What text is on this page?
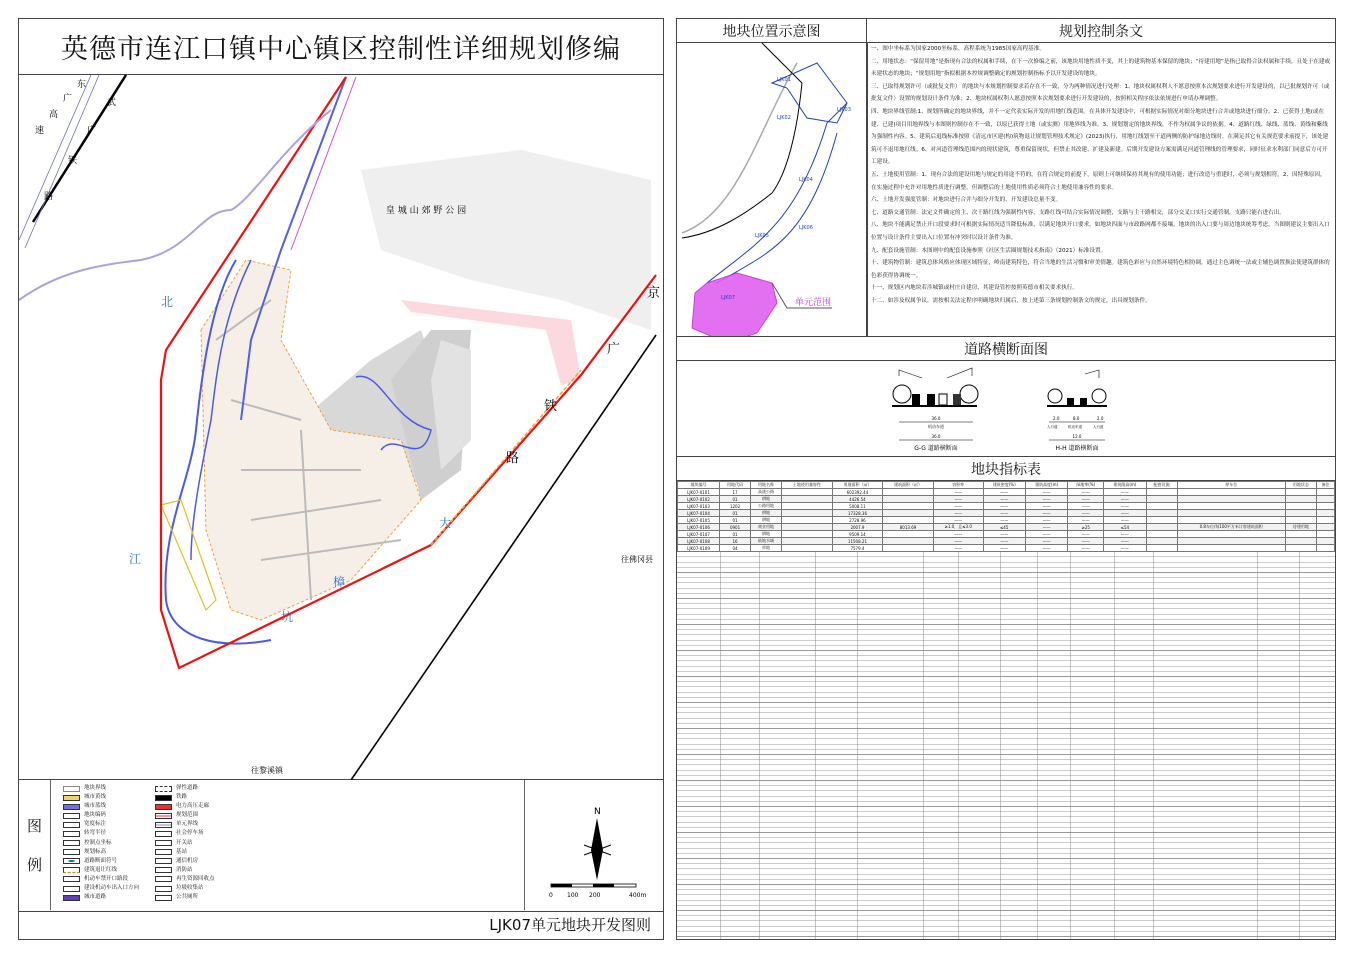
英德市连江口镇中心镇区控制性详细规划修编
皇 城 山 郊 野 公 园
北
江
樟
坑
大
京
广
铁
路
往佛冈县
往黎溪镇
东
广
高
速
武
广
铁
路
图
例
地块界线
城市黄线
城市蓝线
地块编码
宽度标注
转弯半径
控制点坐标
规划标高
道路断面符号
建筑退让红线
机动车禁开口路段
建设机动车出入口方向
城市道路
弹性道路
铁路
电力高压走廊
规划范围
单元界线
社会停车场
开关站
基站
通信机房
消防站
再生资源回收点
垃圾收集站
公共厕所
N
0 100 200	400m
LJK07单元地块开发图则
地块位置示意图	规划控制条文
LJK01
LJK02
LJK03
LJK04
LJK05
LJK06
LJK07	单元范围
一、图中坐标系为国家2000坐标系，高程系统为1985国家高程基准。
二、用地状态：“保留用地”是指现有合法的权属和手续，在下一次修编之前，该地块用地性质不变，其上的建筑物基本保留的地块；“待建用地”是指已取得合法权属和手续，且处于在建或未建状态的地块；“规划用地”指拟根据本控规调整确定的规划控制指标予以开发建设的地块。
三、已取得规划许可（或批复文件） 的地块与本规划控制要求若存在不一致，分为两种情况进行处理：1、地块权属权利人不愿意按照本次规划要求进行开发建设的，以已批规划许可（或批复文件）设置的规划设计条件为准；2、地块权属权利人愿意按照本次规划要求进行开发建设的，按照相关程序依法依规进行申请办理调整。
四、地块界线管制:1、规划所确定的地块界线，并不一定代表实际开发的用地红线范围。在具体开发建设中，可根据实际情况对细分地块进行合并或地块进行细分。2、已获得土地(或在建、已建)项目用地界线与本图则控制存在不一致，以原已获得土地（或实测）用地界线为准。3、规划划定的地块界线，不作为权属争议的依据。4、道路红线、绿线、蓝线、黄线和紫线为强制性内容。5、建筑后退线标准按照《清远市区建(构)筑物退让规划管理技术规定》(2023)执行，用地红线划至干道两侧的防护绿地边线时，在满足其它有关规范要求前提下，该处建筑可不退用地红线。6、对河道管理线范围内的现状建筑，尊重保留现状，但禁止其改建、扩建及新建。后期开发建设方案需满足河道管理线的管理要求，同时征求水利部门同意后方可开工建设。
五、土地使用管制：1、现有合法的建设用地与规定的用途不符的，在符合规定的前提下，原则上可继续保持其现有的使用功能；进行改造与重建时，必须与规划相符。2、因特殊原因，在实施过程中允许对用地性质进行调整，但调整后的土地使用性质必须符合土地使用兼容性的要求。
六、土地开发强度管制：对地块进行合并与细分开发的，开发建设总量不变。
七、道路交通管制：法定文件确定的主、次干路红线为强制性内容，支路红线可结合实际情况调整，支路与主干路相交，部分交叉口实行交通管制，支路只能右进右出。
八、地块不能满足禁止开口段要求时可根据实际情况适当降低标准，以满足地块开口要求，如地块四面与市政路网都不接壤，地块的出入口要与周边地块统筹考虑。当图则建议主要出入口位置与设计条件主要出入口位置有冲突时以设计条件为准。
九、配套设施管制：本图则中的配套设施参照《社区生活圈规划技术指南》（2021）标准设置。
十、建筑物管制：建筑总体风格应体现区域特征，岭南建筑特色，符合当地的生活习惯和审美情趣。建筑色彩应与自然环境特色相协调，通过主色调统一法或主辅色调置换法使建筑群体的色彩获得协调统一。
十一、规划区内地块若涉城镇或村庄自建房，其建设管控按照英德市相关要求执行。
十二、如涉及权属争议，需按相关法定程序明确地块归属后，按上述第三条规划控制条文的规定，出具规划条件。
道路横断面图
36.0
机动车道
36.0
G-G 道路横断面
2.0	8.0	2.0
人行道	机动车道	人行道
12.0
H-H 道路横断面
地块指标表
地块编号	用地代码	用地名称	土地使用兼容性	用地面积（㎡）	建筑面积（㎡）	容积率	建筑密度(%)	建筑高度(m)	绿地率(%)	建筑限高(m)	配套设施	停车位	用地状态	备注
LJK07-0101	17	高速公路		602392.44		——	——	——	——	——				
LJK07-0102	01	耕地		4426.54		——	——	——	——	——				
LJK07-0103	1202	公路用地		5008.11		——	——	——	——	——				
LJK07-0104	01	耕地		17328.36		——	——	——	——	——				
LJK07-0105	01	耕地		2728.96		——	——	——	——	——				
LJK07-0106	0901	商业用地		2007.9	8013.69	≥1.0，且≤3.0	≤45	——	≥25	≤54		0.8车位/每100平方米计容建筑面积	待建用地	
LJK07-0107	01	耕地		9509.14		——	——	——	——	——				
LJK07-0108	16	陆地水域		11508.21		——	——	——	——	——				
LJK07-0109	04	草地		7579.4		——	——	——	——	——				
